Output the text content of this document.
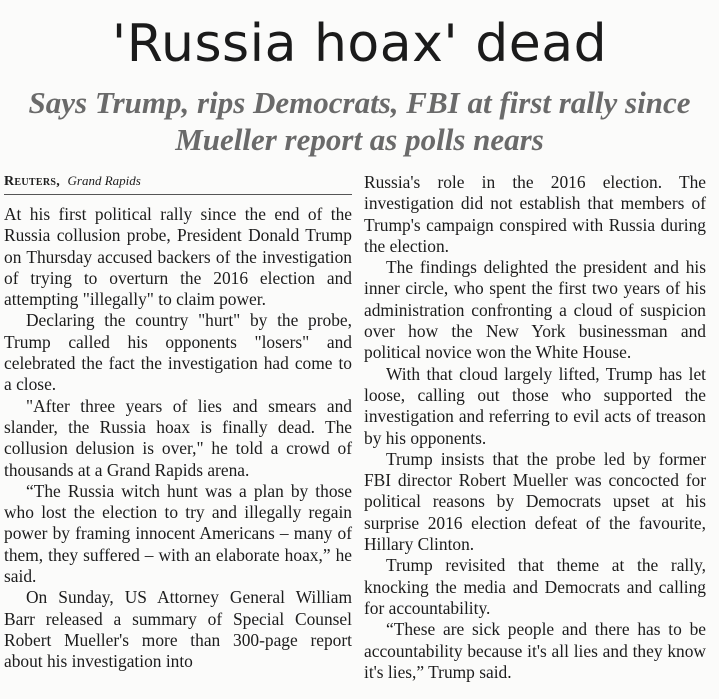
'Russia hoax' dead
Says Trump, rips Democrats, FBI at first rally since Mueller report as polls nears
Reuters, Grand Rapids

At his first political rally since the end of the Russia collusion probe, President Donald Trump on Thursday accused backers of the investigation of trying to overturn the 2016 election and attempting "illegally" to claim power.

Declaring the country "hurt" by the probe, Trump called his opponents "losers" and celebrated the fact the investigation had come to a close.

"After three years of lies and smears and slander, the Russia hoax is finally dead. The collusion delusion is over," he told a crowd of thousands at a Grand Rapids arena.

“The Russia witch hunt was a plan by those who lost the election to try and illegally regain power by framing innocent Americans – many of them, they suffered – with an elaborate hoax,” he said.

On Sunday, US Attorney General William Barr released a summary of Special Counsel Robert Mueller's more than 300-page report about his investigation into

Russia's role in the 2016 election. The investigation did not establish that members of Trump's campaign conspired with Russia during the election.

The findings delighted the president and his inner circle, who spent the first two years of his administration confronting a cloud of suspicion over how the New York businessman and political novice won the White House.

With that cloud largely lifted, Trump has let loose, calling out those who supported the investigation and referring to evil acts of treason by his opponents.

Trump insists that the probe led by former FBI director Robert Mueller was concocted for political reasons by Democrats upset at his surprise 2016 election defeat of the favourite, Hillary Clinton.

Trump revisited that theme at the rally, knocking the media and Democrats and calling for accountability.

“These are sick people and there has to be accountability because it's all lies and they know it's lies,” Trump said.
